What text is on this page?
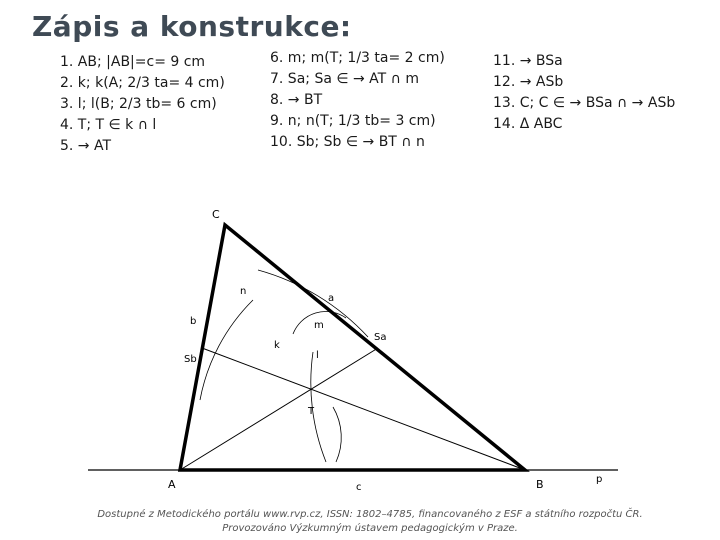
Zápis a konstrukce:
1. AB; |AB|=c= 9 cm
2. k; k(A; 2/3 ta= 4 cm)
3. l; l(B; 2/3 tb= 6 cm)
4. T; T ∈ k ∩ l
5. → AT
6. m; m(T; 1/3 ta= 2 cm)
7. Sa; Sa ∈ → AT ∩ m
8. → BT
9. n; n(T; 1/3 tb= 3 cm)
10. Sb; Sb ∈ → BT ∩ n
11. → BSa
12. → ASb
13. C; C ∈ → BSa ∩ → ASb
14. Δ ABC
C
n
a
b	m
k
Sa
Sb	l
T
A	c	B	p
Dostupné z Metodického portálu www.rvp.cz, ISSN: 1802–4785, financovaného z ESF a státního rozpočtu ČR.
Provozováno Výzkumným ústavem pedagogickým v Praze.
